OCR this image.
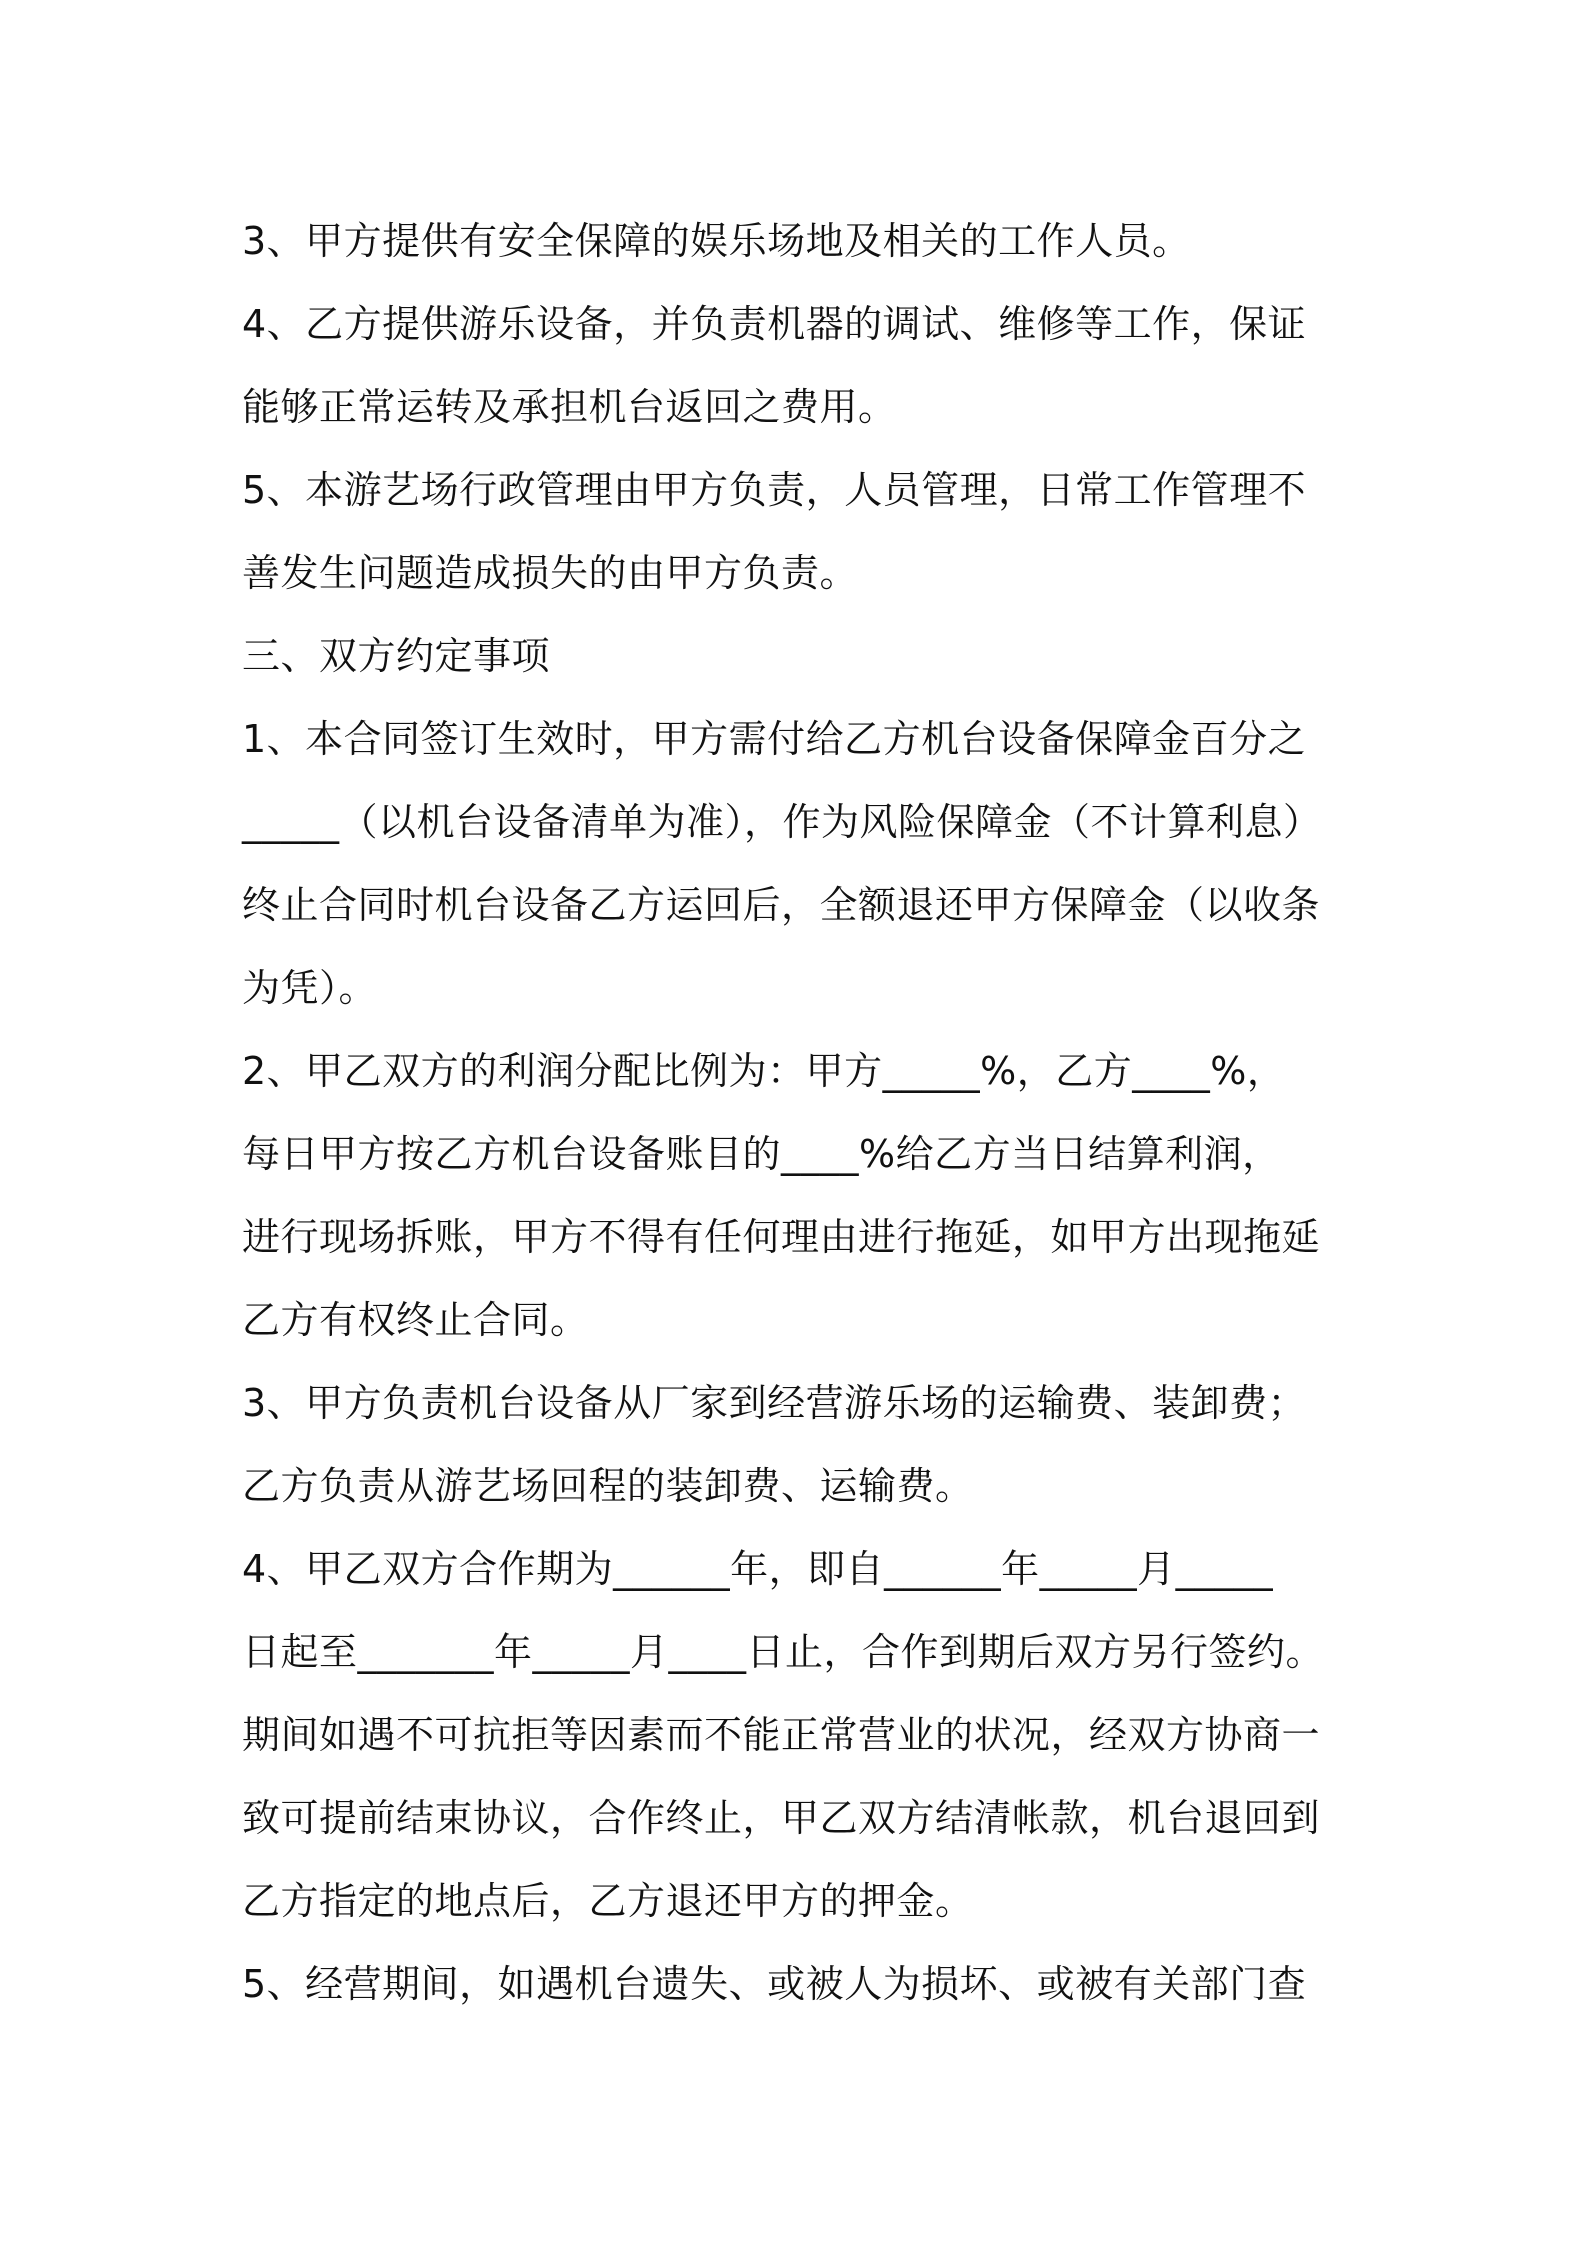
3、甲方提供有安全保障的娱乐场地及相关的工作人员。
4、乙方提供游乐设备，并负责机器的调试、维修等工作，保证
能够正常运转及承担机台返回之费用。
5、本游艺场行政管理由甲方负责，人员管理，日常工作管理不
善发生问题造成损失的由甲方负责。
三、双方约定事项
1、本合同签订生效时，甲方需付给乙方机台设备保障金百分之
_____（以机台设备清单为准），作为风险保障金（不计算利息）
终止合同时机台设备乙方运回后，全额退还甲方保障金（以收条
为凭）。
2、甲乙双方的利润分配比例为：甲方_____%，乙方____%，
每日甲方按乙方机台设备账目的____%给乙方当日结算利润，
进行现场拆账，甲方不得有任何理由进行拖延，如甲方出现拖延
乙方有权终止合同。
3、甲方负责机台设备从厂家到经营游乐场的运输费、装卸费；
乙方负责从游艺场回程的装卸费、运输费。
4、甲乙双方合作期为______年，即自______年_____月_____
日起至_______年_____月____日止，合作到期后双方另行签约。
期间如遇不可抗拒等因素而不能正常营业的状况，经双方协商一
致可提前结束协议，合作终止，甲乙双方结清帐款，机台退回到
乙方指定的地点后，乙方退还甲方的押金。
5、经营期间，如遇机台遗失、或被人为损坏、或被有关部门查
